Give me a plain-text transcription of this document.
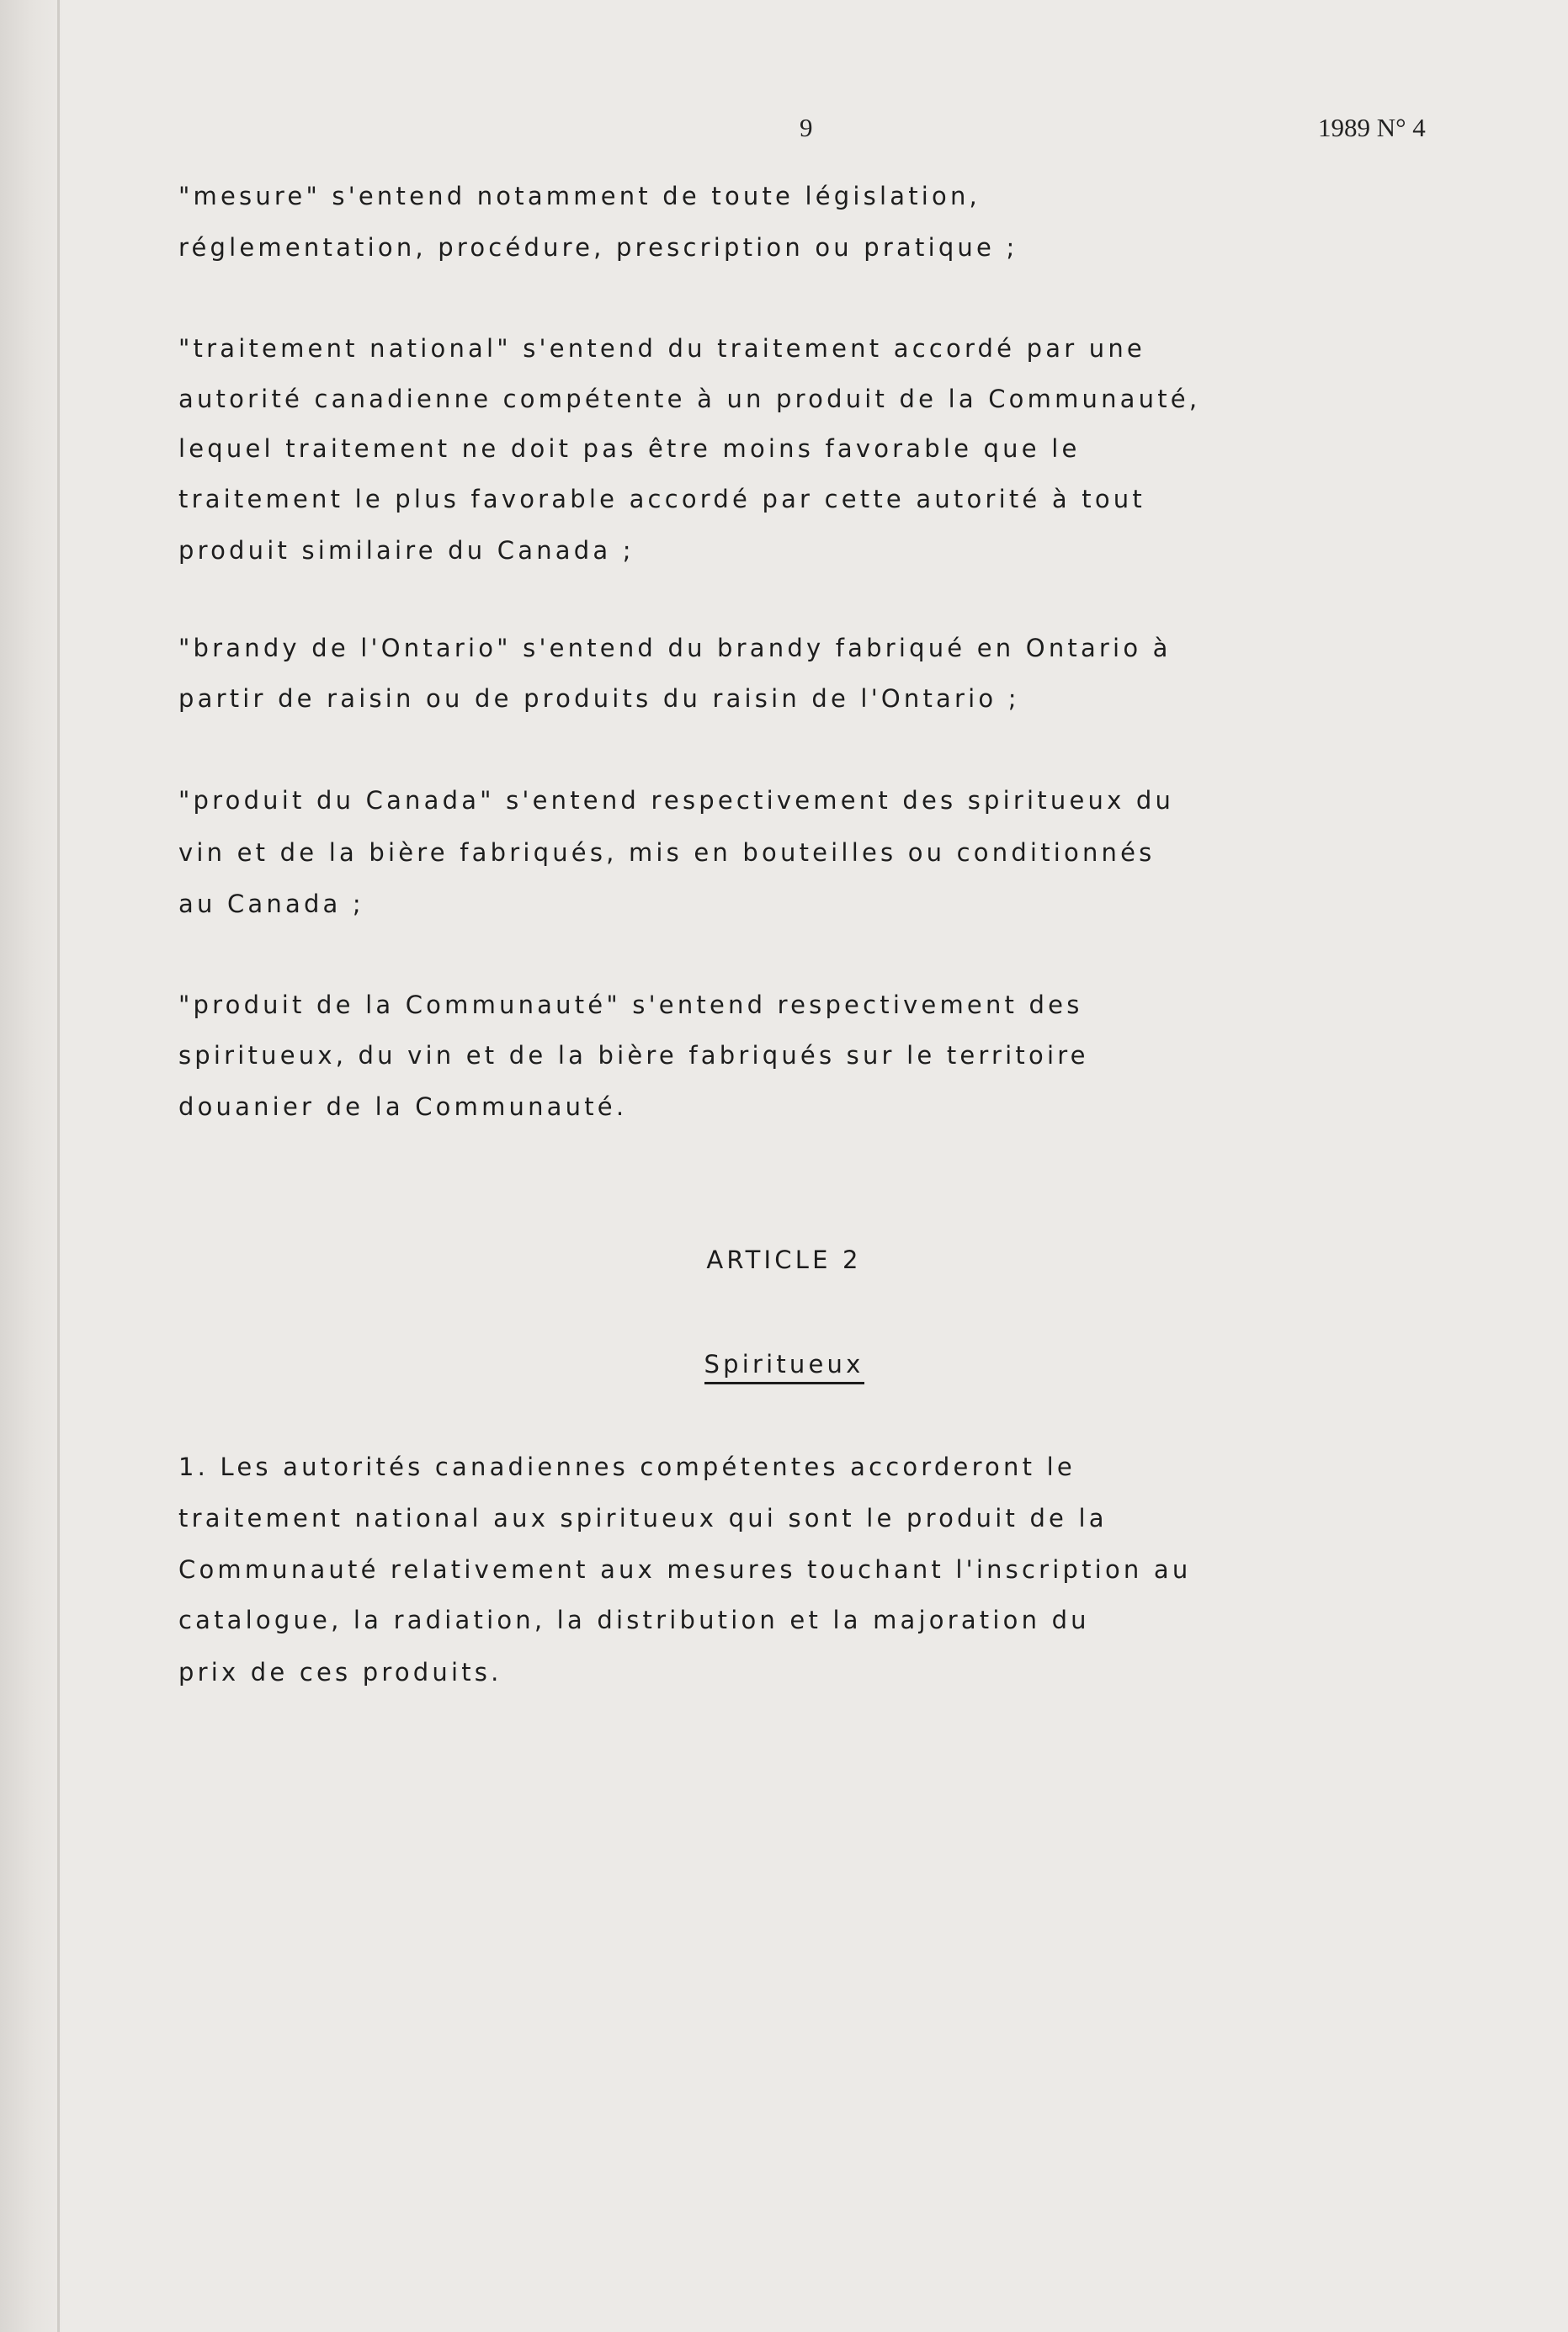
9	1989 N° 4
"mesure" s'entend notamment de toute législation,
réglementation, procédure, prescription ou pratique ;
"traitement national" s'entend du traitement accordé par une
autorité canadienne compétente à un produit de la Communauté,
lequel traitement ne doit pas être moins favorable que le
traitement le plus favorable accordé par cette autorité à tout
produit similaire du Canada ;
"brandy de l'Ontario" s'entend du brandy fabriqué en Ontario à
partir de raisin ou de produits du raisin de l'Ontario ;
"produit du Canada" s'entend respectivement des spiritueux du
vin et de la bière fabriqués, mis en bouteilles ou conditionnés
au Canada ;
"produit de la Communauté" s'entend respectivement des
spiritueux, du vin et de la bière fabriqués sur le territoire
douanier de la Communauté.
ARTICLE 2
Spiritueux
1. Les autorités canadiennes compétentes accorderont le
traitement national aux spiritueux qui sont le produit de la
Communauté relativement aux mesures touchant l'inscription au
catalogue, la radiation, la distribution et la majoration du
prix de ces produits.
